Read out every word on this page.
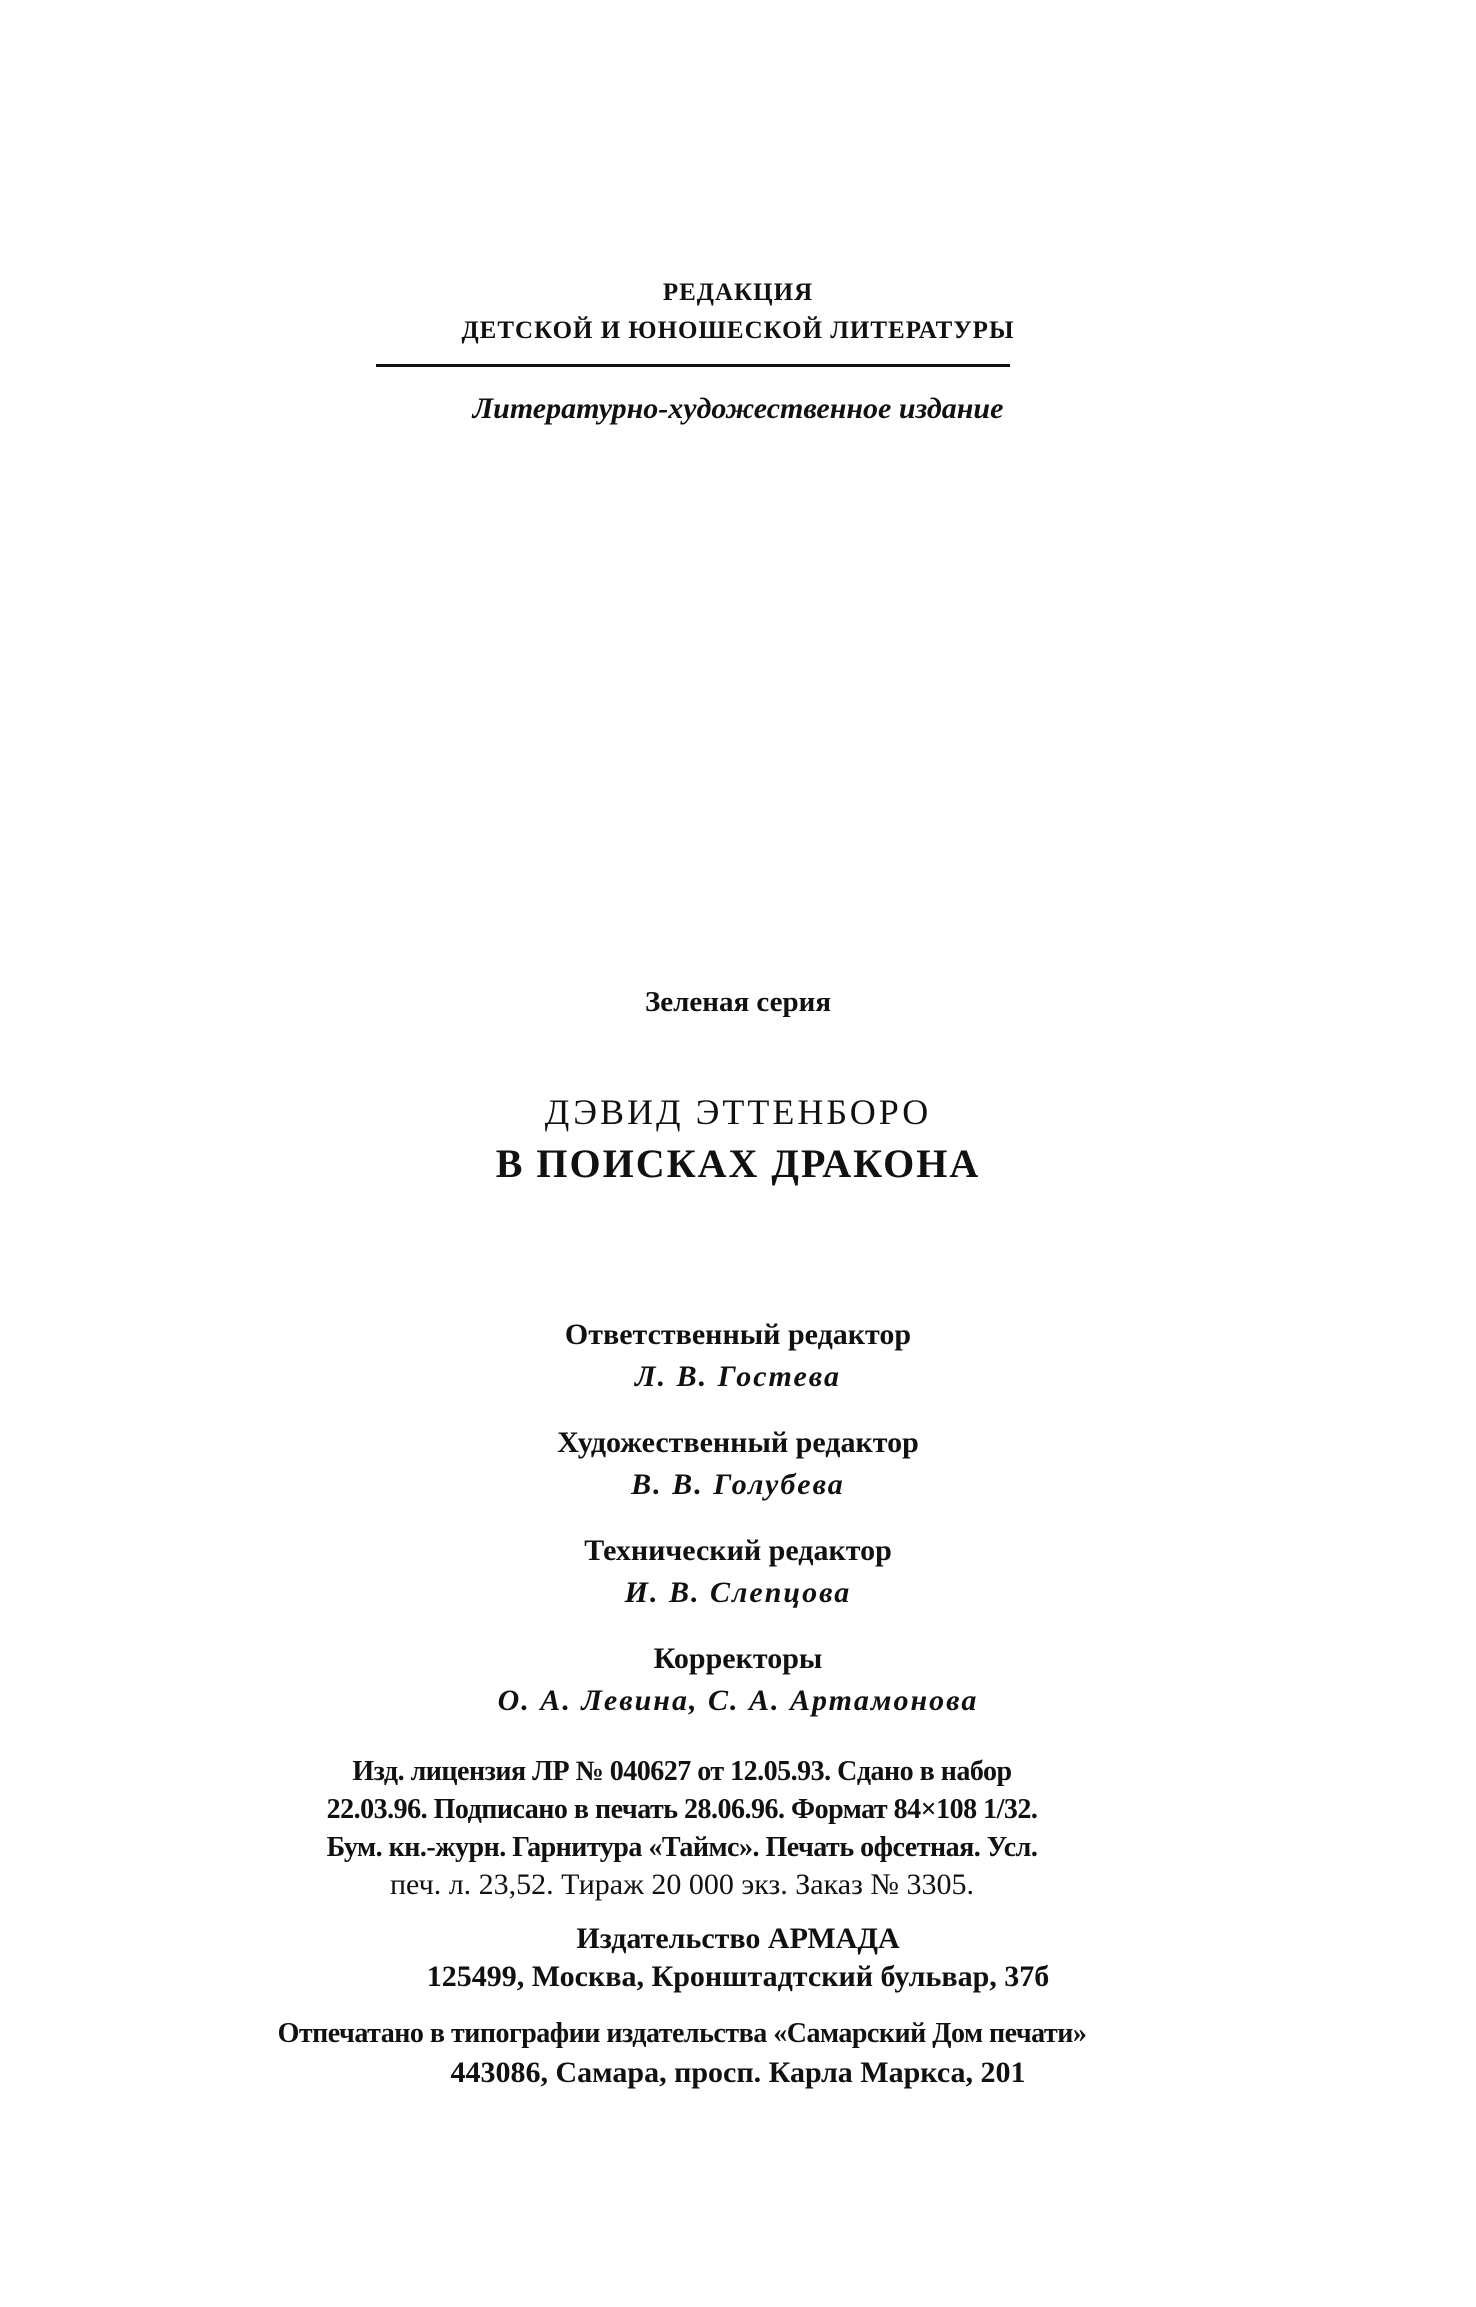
РЕДАКЦИЯ
ДЕТСКОЙ И ЮНОШЕСКОЙ ЛИТЕРАТУРЫ
Литературно-художественное издание
Зеленая серия
ДЭВИД ЭТТЕНБОРО
В ПОИСКАХ ДРАКОНА
Ответственный редактор
Л. В. Гостева
Художественный редактор
В. В. Голубева
Технический редактор
И. В. Слепцова
Корректоры
О. А. Левина, С. А. Артамонова
Изд. лицензия ЛР № 040627 от 12.05.93. Сдано в набор
22.03.96. Подписано в печать 28.06.96. Формат 84×108 1/32.
Бум. кн.-журн. Гарнитура «Таймс». Печать офсетная. Усл.
печ. л. 23,52. Тираж 20 000 экз. Заказ № 3305.
Издательство АРМАДА
125499, Москва, Кронштадтский бульвар, 37б
Отпечатано в типографии издательства «Самарский Дом печати»
443086, Самара, просп. Карла Маркса, 201
